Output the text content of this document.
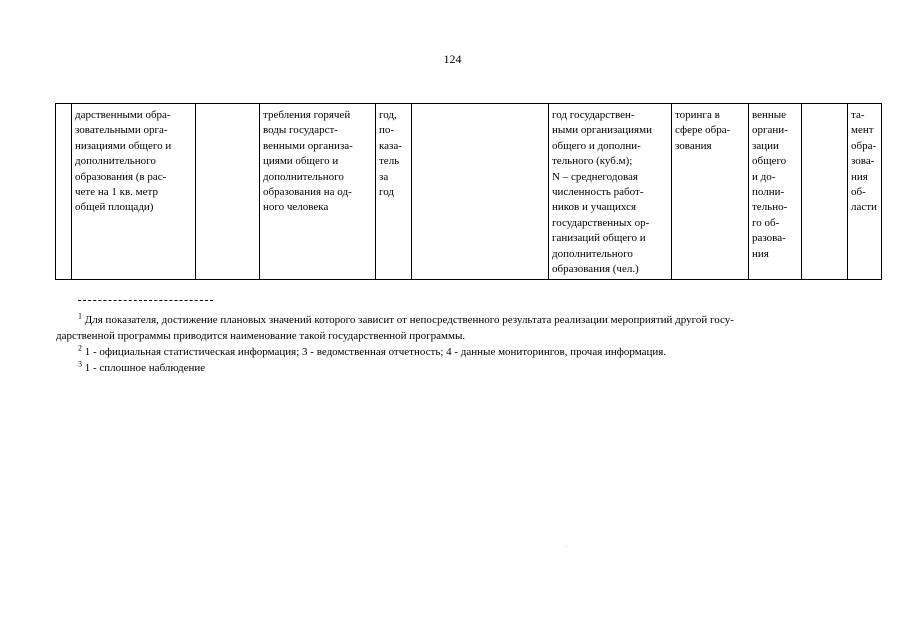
124
	дарственными обра-
зовательными орга-
низациями общего и
дополнительного
образования (в рас-
чете на 1 кв. метр
общей площади)		требления горячей
воды государст-
венными организа-
циями общего и
дополнительного
образования на од-
ного человека	год,
по-
каза-
тель
за
год		год государствен-
ными организациями
общего и дополни-
тельного (куб.м);
N – среднегодовая
численность работ-
ников и учащихся
государственных ор-
ганизаций общего и
дополнительного
образования (чел.)	торинга в
сфере обра-
зования	венные
органи-
зации
общего
и до-
полни-
тельно-
го об-
разова-
ния		та-
мент
обра-
зова-
ния
об-
ласти
$^1$ Для показателя, достижение плановых значений которого зависит от непосредственного результата реализации мероприятий другой госу-
дарственной программы приводится наименование такой государственной программы.
$^2$ 1 - официальная статистическая информация; 3 - ведомственная отчетность; 4 - данные мониторингов, прочая информация.
$^3$ 1 - сплошное наблюдение
